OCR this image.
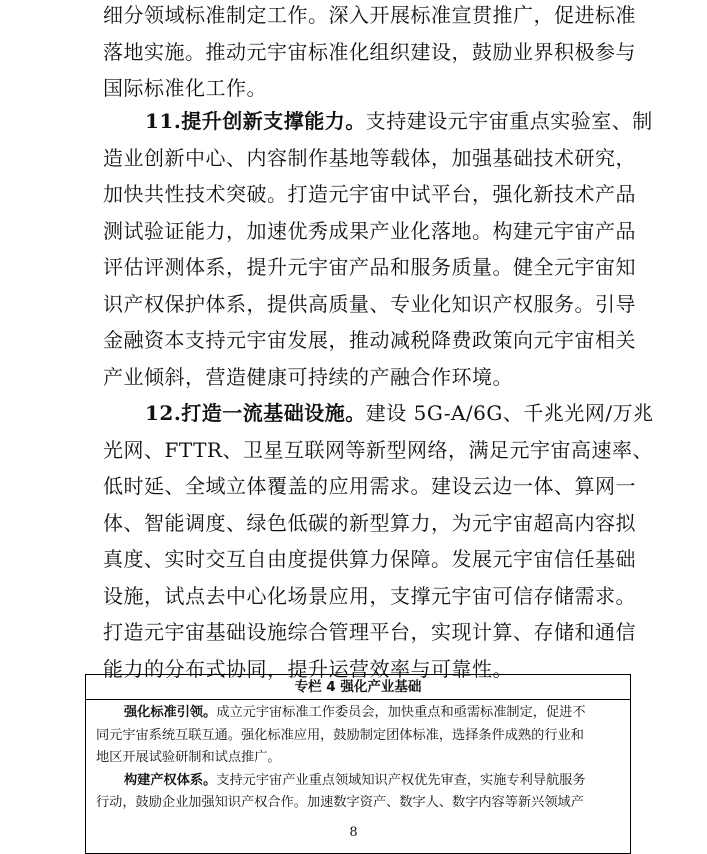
细分领域标准制定工作。深入开展标准宣贯推广，促进标准
落地实施。推动元宇宙标准化组织建设，鼓励业界积极参与
国际标准化工作。
11.提升创新支撑能力。支持建设元宇宙重点实验室、制
造业创新中心、内容制作基地等载体，加强基础技术研究，
加快共性技术突破。打造元宇宙中试平台，强化新技术产品
测试验证能力，加速优秀成果产业化落地。构建元宇宙产品
评估评测体系，提升元宇宙产品和服务质量。健全元宇宙知
识产权保护体系，提供高质量、专业化知识产权服务。引导
金融资本支持元宇宙发展，推动减税降费政策向元宇宙相关
产业倾斜，营造健康可持续的产融合作环境。
12.打造一流基础设施。建设 5G-A/6G、千兆光网/万兆
光网、FTTR、卫星互联网等新型网络，满足元宇宙高速率、
低时延、全域立体覆盖的应用需求。建设云边一体、算网一
体、智能调度、绿色低碳的新型算力，为元宇宙超高内容拟
真度、实时交互自由度提供算力保障。发展元宇宙信任基础
设施，试点去中心化场景应用，支撑元宇宙可信存储需求。
打造元宇宙基础设施综合管理平台，实现计算、存储和通信
能力的分布式协同，提升运营效率与可靠性。
专栏 4 强化产业基础
强化标准引领。成立元宇宙标准工作委员会，加快重点和亟需标准制定，促进不
同元宇宙系统互联互通。强化标准应用，鼓励制定团体标准，选择条件成熟的行业和
地区开展试验研制和试点推广。
构建产权体系。支持元宇宙产业重点领域知识产权优先审查，实施专利导航服务
行动，鼓励企业加强知识产权合作。加速数字资产、数字人、数字内容等新兴领域产
8
